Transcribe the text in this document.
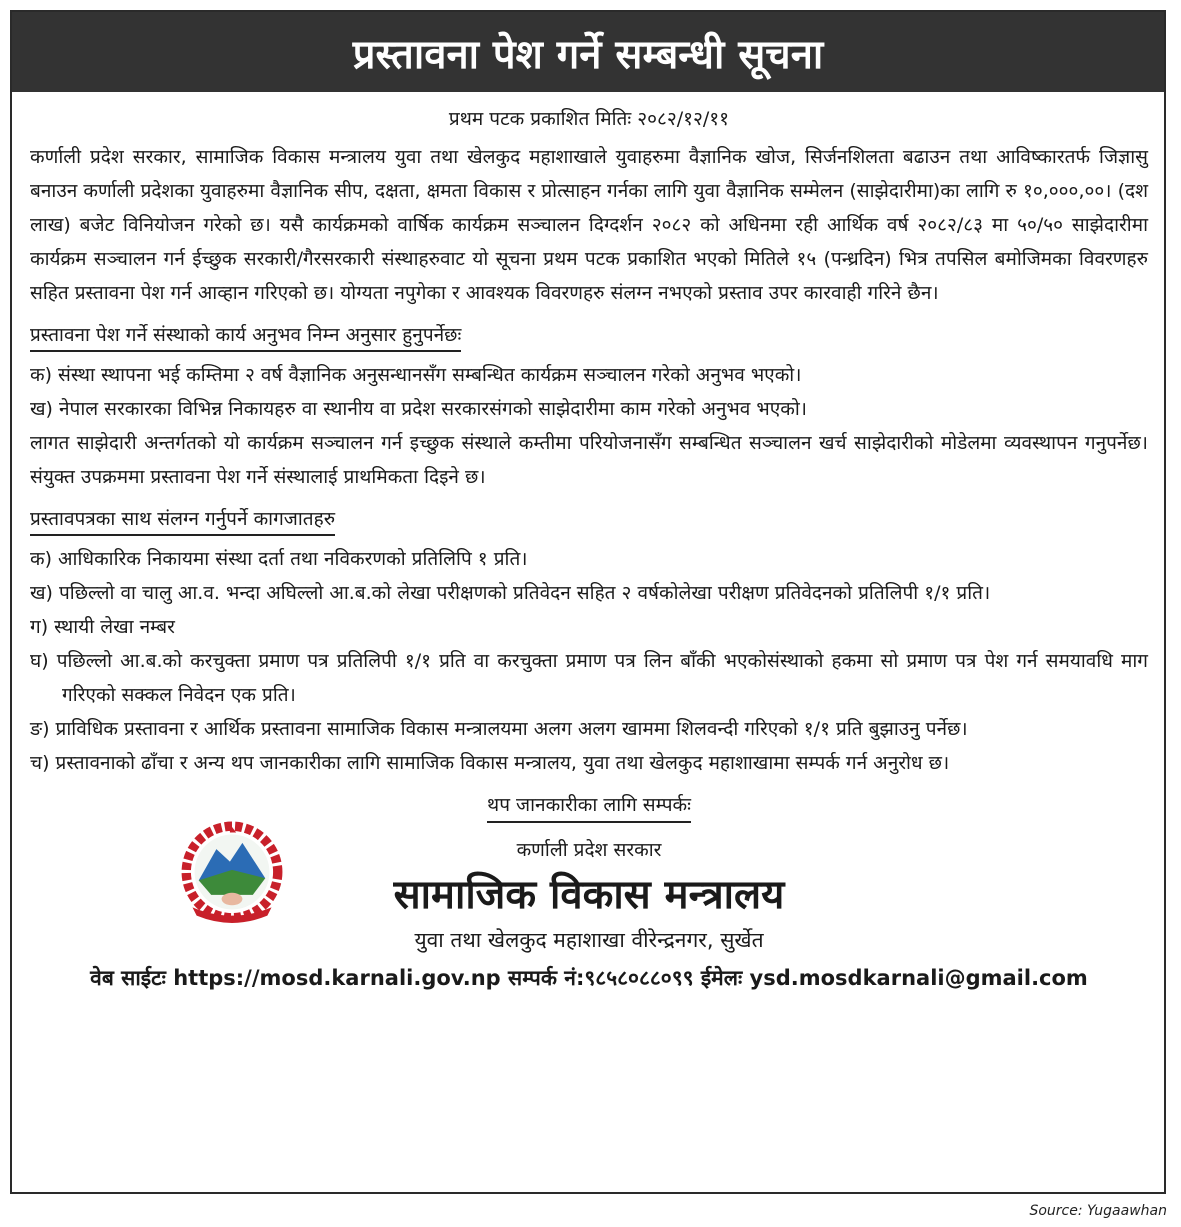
प्रस्तावना पेश गर्ने सम्बन्धी सूचना
प्रथम पटक प्रकाशित मितिः २०८२/१२/११
कर्णाली प्रदेश सरकार, सामाजिक विकास मन्त्रालय युवा तथा खेलकुद महाशाखाले युवाहरुमा वैज्ञानिक खोज, सिर्जनशिलता बढाउन तथा आविष्कारतर्फ जिज्ञासु बनाउन कर्णाली प्रदेशका युवाहरुमा वैज्ञानिक सीप, दक्षता, क्षमता विकास र प्रोत्साहन गर्नका लागि युवा वैज्ञानिक सम्मेलन (साझेदारीमा)का लागि रु १०,०००,००। (दश लाख) बजेट विनियोजन गरेको छ। यसै कार्यक्रमको वार्षिक कार्यक्रम सञ्चालन दिग्दर्शन २०८२ को अधिनमा रही आर्थिक वर्ष २०८२/८३ मा ५०/५० साझेदारीमा कार्यक्रम सञ्चालन गर्न ईच्छुक सरकारी/गैरसरकारी संस्थाहरुवाट यो सूचना प्रथम पटक प्रकाशित भएको मितिले १५ (पन्ध्रदिन) भित्र तपसिल बमोजिमका विवरणहरु सहित प्रस्तावना पेश गर्न आव्हान गरिएको छ। योग्यता नपुगेका र आवश्यक विवरणहरु संलग्न नभएको प्रस्ताव उपर कारवाही गरिने छैन।
प्रस्तावना पेश गर्ने संस्थाको कार्य अनुभव निम्न अनुसार हुनुपर्नेछः
क) संस्था स्थापना भई कम्तिमा २ वर्ष वैज्ञानिक अनुसन्धानसँग सम्बन्धित कार्यक्रम सञ्चालन गरेको अनुभव भएको।
ख) नेपाल सरकारका विभिन्न निकायहरु वा स्थानीय वा प्रदेश सरकारसंगको साझेदारीमा काम गरेको अनुभव भएको।
लागत साझेदारी अन्तर्गतको यो कार्यक्रम सञ्चालन गर्न इच्छुक संस्थाले कम्तीमा परियोजनासँग सम्बन्धित सञ्चालन खर्च साझेदारीको मोडेलमा व्यवस्थापन गनुपर्नेछ। संयुक्त उपक्रममा प्रस्तावना पेश गर्ने संस्थालाई प्राथमिकता दिइने छ।
प्रस्तावपत्रका साथ संलग्न गर्नुपर्ने कागजातहरु
क) आधिकारिक निकायमा संस्था दर्ता तथा नविकरणको प्रतिलिपि १ प्रति।
ख) पछिल्लो वा चालु आ.व. भन्दा अघिल्लो आ.ब.को लेखा परीक्षणको प्रतिवेदन सहित २ वर्षकोलेखा परीक्षण प्रतिवेदनको प्रतिलिपी १/१ प्रति।
ग) स्थायी लेखा नम्बर
घ) पछिल्लो आ.ब.को करचुक्ता प्रमाण पत्र प्रतिलिपी १/१ प्रति वा करचुक्ता प्रमाण पत्र लिन बाँकी भएकोसंस्थाको हकमा सो प्रमाण पत्र पेश गर्न समयावधि माग गरिएको सक्कल निवेदन एक प्रति।
ङ) प्राविधिक प्रस्तावना र आर्थिक प्रस्तावना सामाजिक विकास मन्त्रालयमा अलग अलग खाममा शिलवन्दी गरिएको १/१ प्रति बुझाउनु पर्नेछ।
च) प्रस्तावनाको ढाँचा र अन्य थप जानकारीका लागि सामाजिक विकास मन्त्रालय, युवा तथा खेलकुद महाशाखामा सम्पर्क गर्न अनुरोध छ।
थप जानकारीका लागि सम्पर्कः
कर्णाली प्रदेश सरकार
सामाजिक विकास मन्त्रालय
युवा तथा खेलकुद महाशाखा वीरेन्द्रनगर, सुर्खेत
वेब साईटः https://mosd.karnali.gov.np सम्पर्क नं:९८५८०८८०९९ ईमेलः ysd.mosdkarnali@gmail.com
Source: Yugaawhan
